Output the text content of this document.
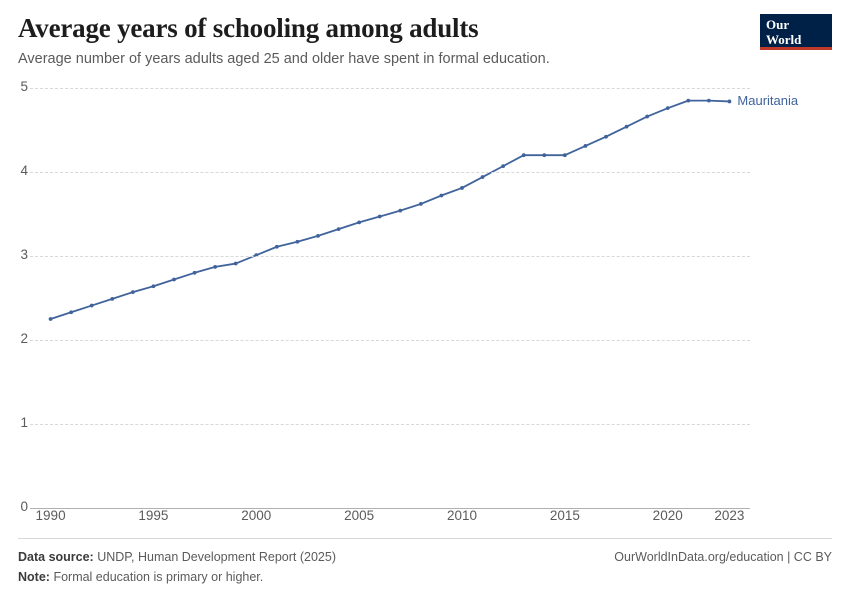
Average years of schooling among adults

Average number of years adults aged 25 and older have spent in formal education.

Our World
in Data
0
1
2
3
4
5
1990	1995	2000	2005	2010	2015	2020 2023
Mauritania
Data source: UNDP, Human Development Report (2025)	OurWorldInData.org/education | CC BY
Note: Formal education is primary or higher.
